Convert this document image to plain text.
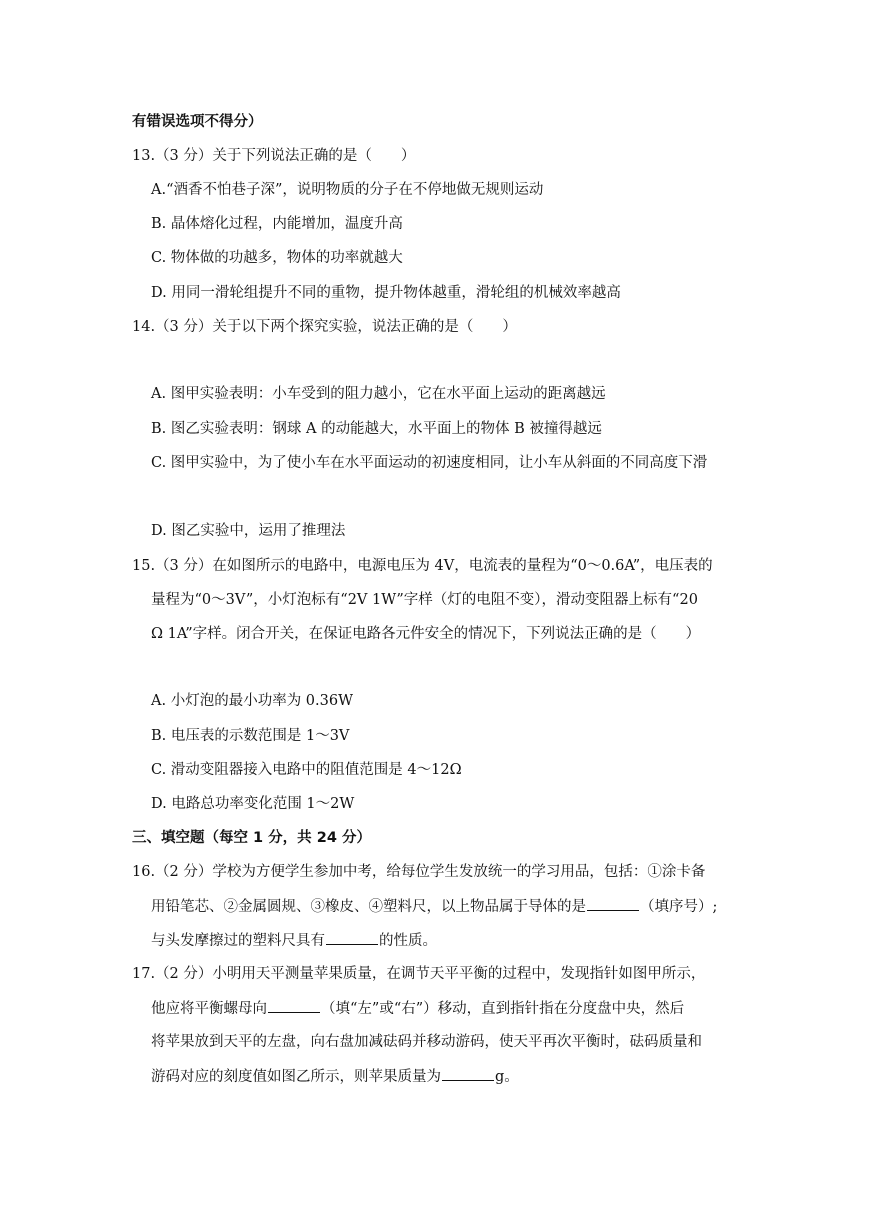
有错误选项不得分）
13.（3 分）关于下列说法正确的是（　　）
A.“酒香不怕巷子深”，说明物质的分子在不停地做无规则运动
B. 晶体熔化过程，内能增加，温度升高
C. 物体做的功越多，物体的功率就越大
D. 用同一滑轮组提升不同的重物，提升物体越重，滑轮组的机械效率越高
14.（3 分）关于以下两个探究实验，说法正确的是（　　）
A. 图甲实验表明：小车受到的阻力越小，它在水平面上运动的距离越远
B. 图乙实验表明：钢球 A 的动能越大，水平面上的物体 B 被撞得越远
C. 图甲实验中，为了使小车在水平面运动的初速度相同，让小车从斜面的不同高度下滑
D. 图乙实验中，运用了推理法
15.（3 分）在如图所示的电路中，电源电压为 4V，电流表的量程为“0～0.6A”，电压表的
量程为“0～3V”，小灯泡标有“2V 1W”字样（灯的电阻不变），滑动变阻器上标有“20
Ω 1A”字样。闭合开关，在保证电路各元件安全的情况下，下列说法正确的是（　　）
A. 小灯泡的最小功率为 0.36W
B. 电压表的示数范围是 1～3V
C. 滑动变阻器接入电路中的阻值范围是 4～12Ω
D. 电路总功率变化范围 1～2W
三、填空题（每空 1 分，共 24 分）
16.（2 分）学校为方便学生参加中考，给每位学生发放统一的学习用品，包括：①涂卡备
用铅笔芯、②金属圆规、③橡皮、④塑料尺，以上物品属于导体的是	（填序号）;
与头发摩擦过的塑料尺具有	的性质。
17.（2 分）小明用天平测量苹果质量，在调节天平平衡的过程中，发现指针如图甲所示，
他应将平衡螺母向	（填“左”或“右”）移动，直到指针指在分度盘中央，然后
将苹果放到天平的左盘，向右盘加减砝码并移动游码，使天平再次平衡时，砝码质量和
游码对应的刻度值如图乙所示，则苹果质量为	g。
